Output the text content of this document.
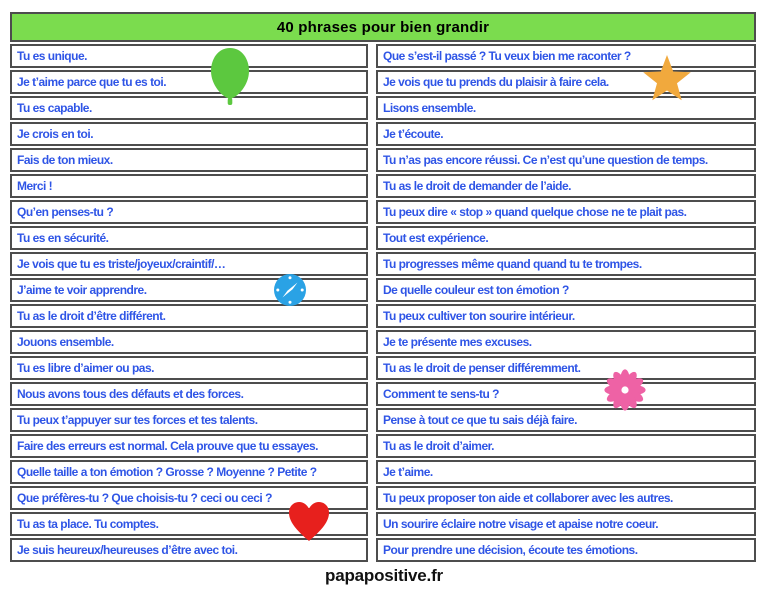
40 phrases pour bien grandir
Tu es unique.
Je t’aime parce que tu es toi.
Tu es capable.
Je crois en toi.
Fais de ton mieux.
Merci !
Qu’en penses-tu ?
Tu es en sécurité.
Je vois que tu es triste/joyeux/craintif/…
J’aime te voir apprendre.
Tu as le droit d’être différent.
Jouons ensemble.
Tu es libre d’aimer ou pas.
Nous avons tous des défauts et des forces.
Tu peux t’appuyer sur tes forces et tes talents.
Faire des erreurs est normal. Cela prouve que tu essayes.
Quelle taille a ton émotion ? Grosse ? Moyenne ? Petite ?
Que préfères-tu ? Que choisis-tu ? ceci ou ceci ?
Tu as ta place. Tu comptes.
Je suis heureux/heureuses d’être avec toi.
Que s’est-il passé ? Tu veux bien me raconter ?
Je vois que tu prends du plaisir à faire cela.
Lisons ensemble.
Je t’écoute.
Tu n’as pas encore réussi. Ce n’est qu’une question de temps.
Tu as le droit de demander de l’aide.
Tu peux dire « stop » quand quelque chose ne te plait pas.
Tout est expérience.
Tu progresses même quand quand tu te trompes.
De quelle couleur est ton émotion ?
Tu peux cultiver ton sourire intérieur.
Je te présente mes excuses.
Tu as le droit de penser différemment.
Comment te sens-tu ?
Pense à tout ce que tu sais déjà faire.
Tu as le droit d’aimer.
Je t’aime.
Tu peux proposer ton aide et collaborer avec les autres.
Un sourire éclaire notre visage et apaise notre coeur.
Pour prendre une décision, écoute tes émotions.
papapositive.fr
